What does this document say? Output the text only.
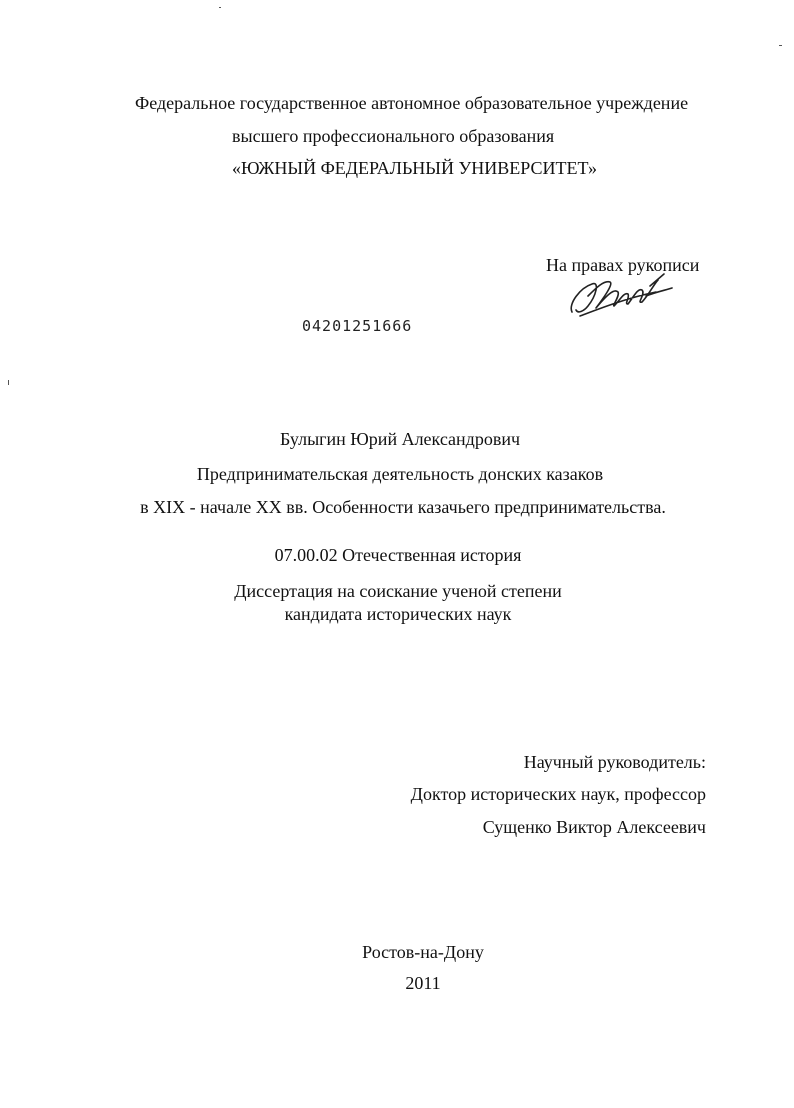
Федеральное государственное автономное образовательное учреждение
высшего профессионального образования
«ЮЖНЫЙ ФЕДЕРАЛЬНЫЙ УНИВЕРСИТЕТ»
На правах рукописи
04201251666
Булыгин Юрий Александрович
Предпринимательская деятельность донских казаков
в XIX - начале XX вв. Особенности казачьего предпринимательства.
07.00.02 Отечественная история
Диссертация на соискание ученой степени
кандидата исторических наук
Научный руководитель:
Доктор исторических наук, профессор
Сущенко Виктор Алексеевич
Ростов-на-Дону
2011
